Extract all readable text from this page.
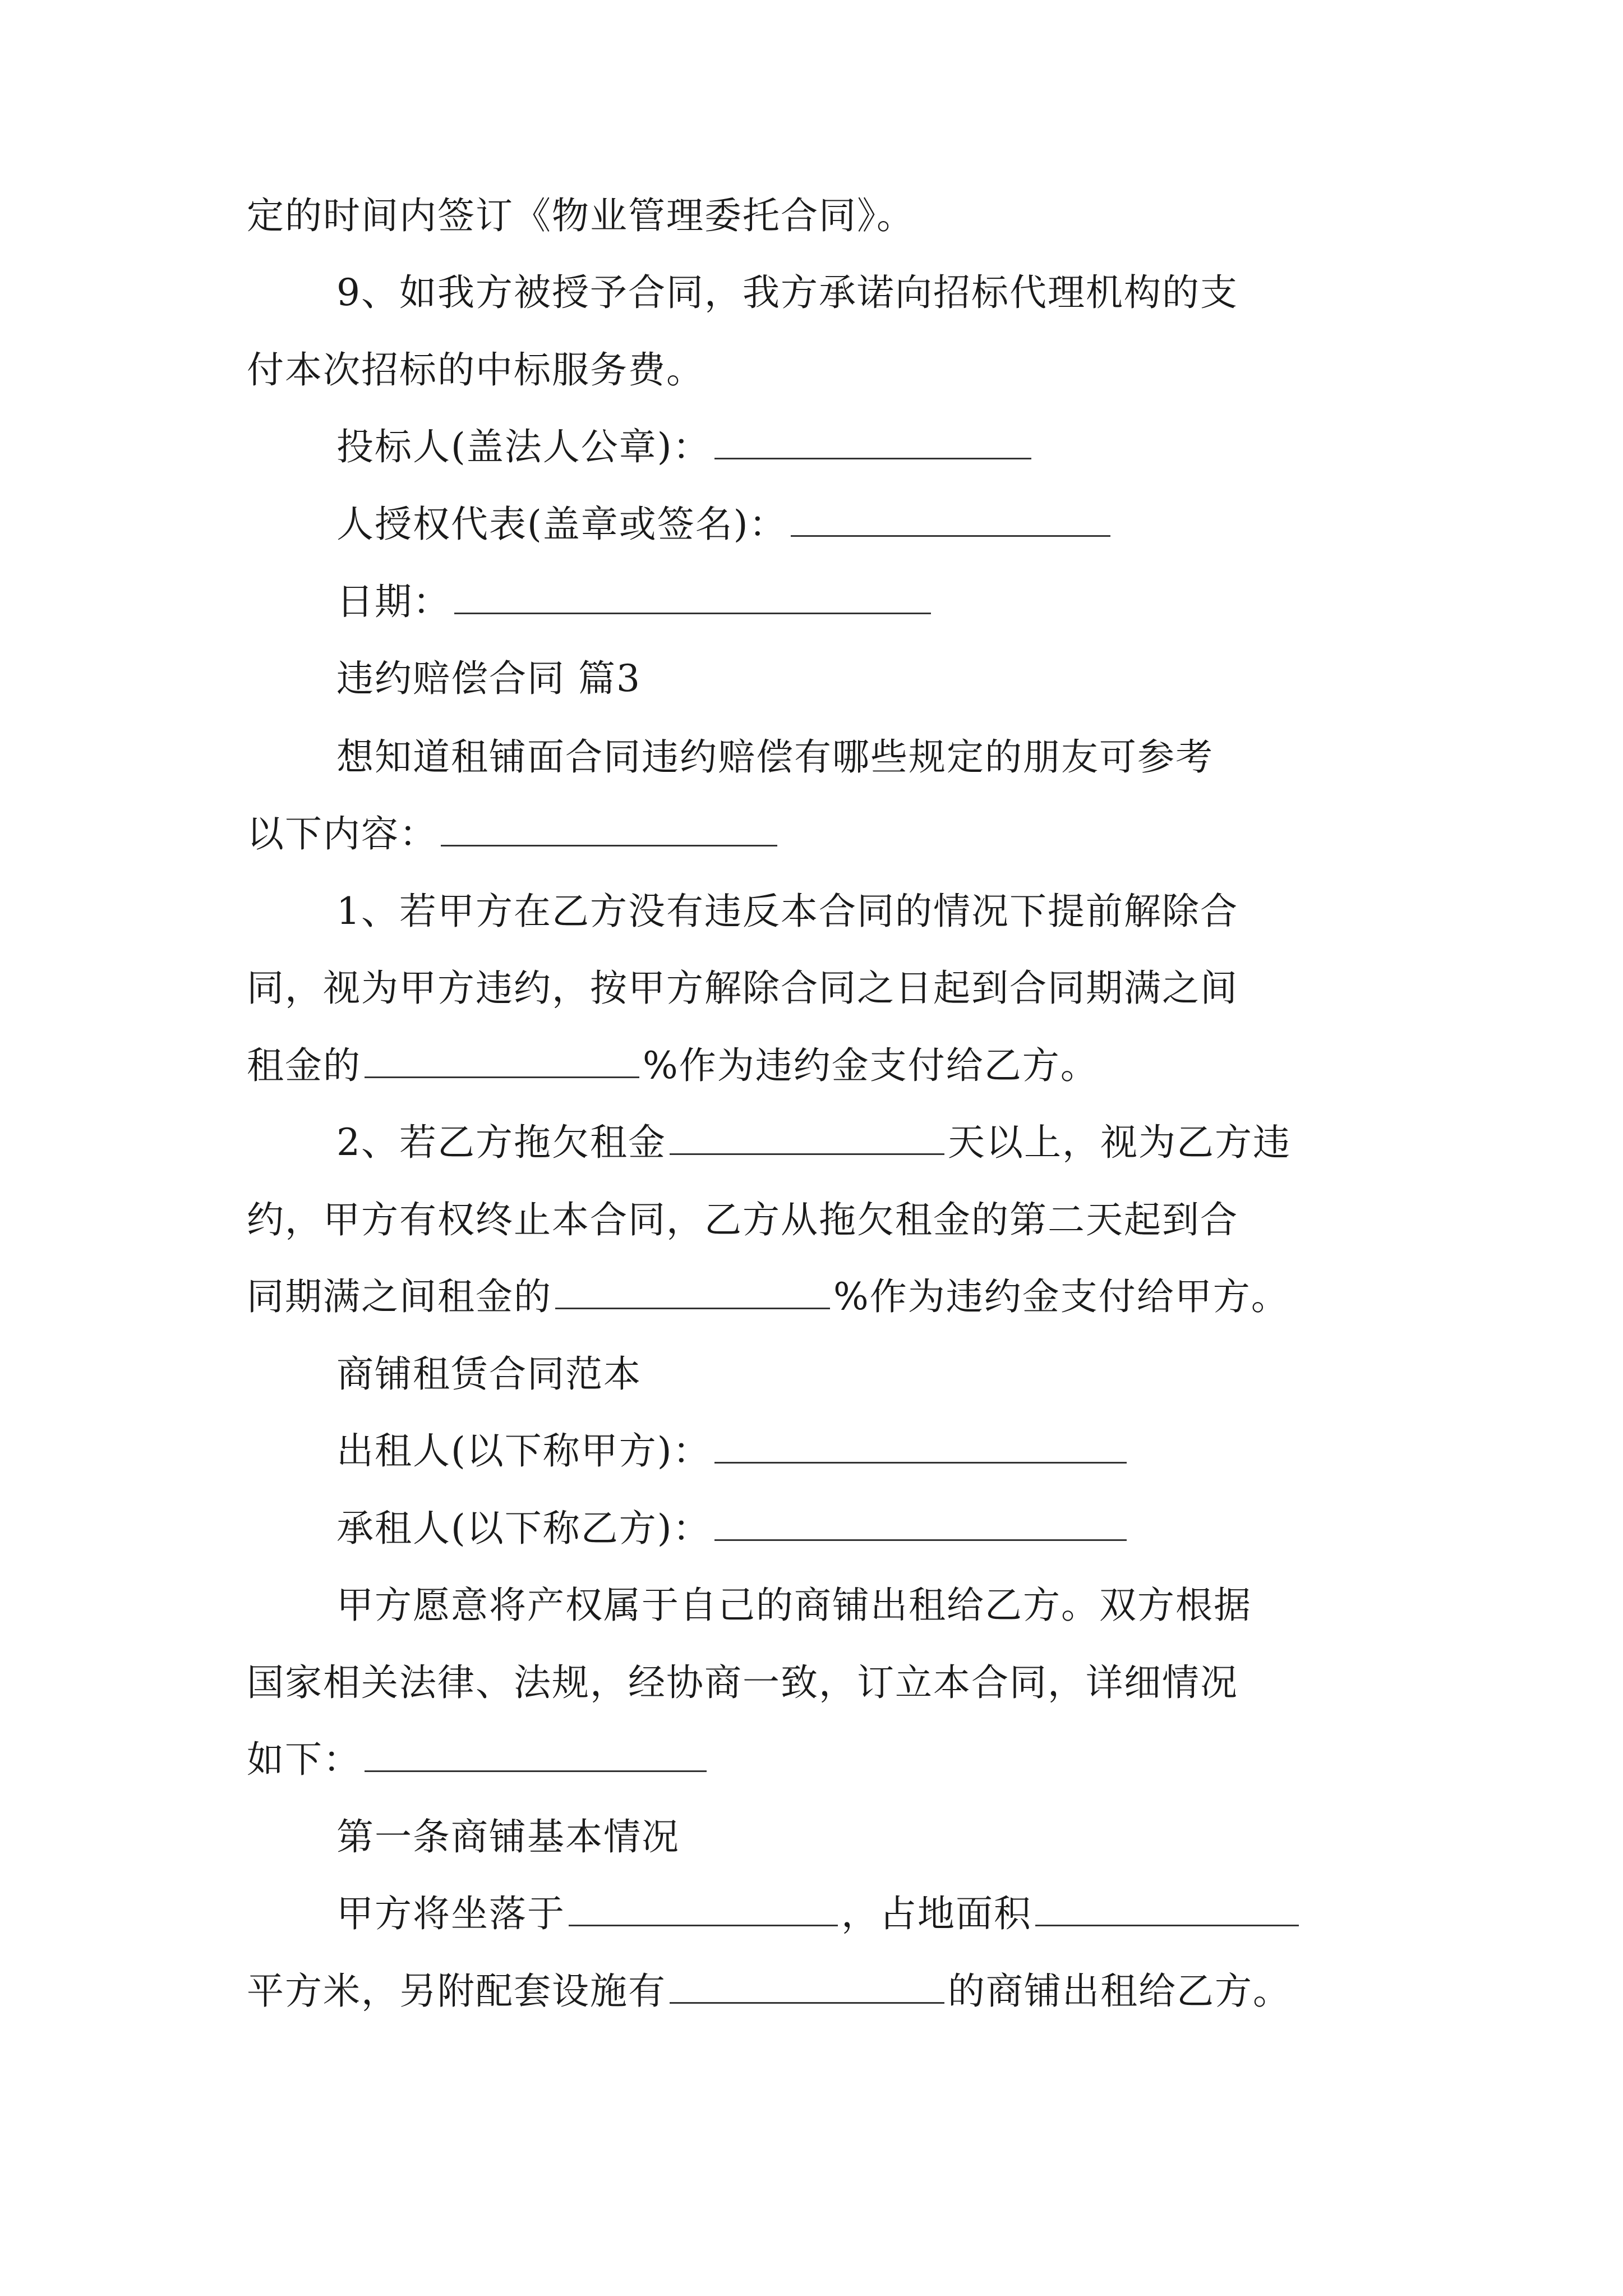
定的时间内签订《物业管理委托合同》。
9、如我方被授予合同，我方承诺向招标代理机构的支
付本次招标的中标服务费。
投标人(盖法人公章)：
人授权代表(盖章或签名)：
日期：
违约赔偿合同 篇3
想知道租铺面合同违约赔偿有哪些规定的朋友可参考
以下内容：
1、若甲方在乙方没有违反本合同的情况下提前解除合
同，视为甲方违约，按甲方解除合同之日起到合同期满之间
租金的	%作为违约金支付给乙方。
2、若乙方拖欠租金	天以上，视为乙方违
约，甲方有权终止本合同，乙方从拖欠租金的第二天起到合
同期满之间租金的	%作为违约金支付给甲方。
商铺租赁合同范本
出租人(以下称甲方)：
承租人(以下称乙方)：
甲方愿意将产权属于自己的商铺出租给乙方。双方根据
国家相关法律、法规，经协商一致，订立本合同，详细情况
如下：
第一条商铺基本情况
甲方将坐落于	，占地面积
平方米，另附配套设施有	的商铺出租给乙方。
